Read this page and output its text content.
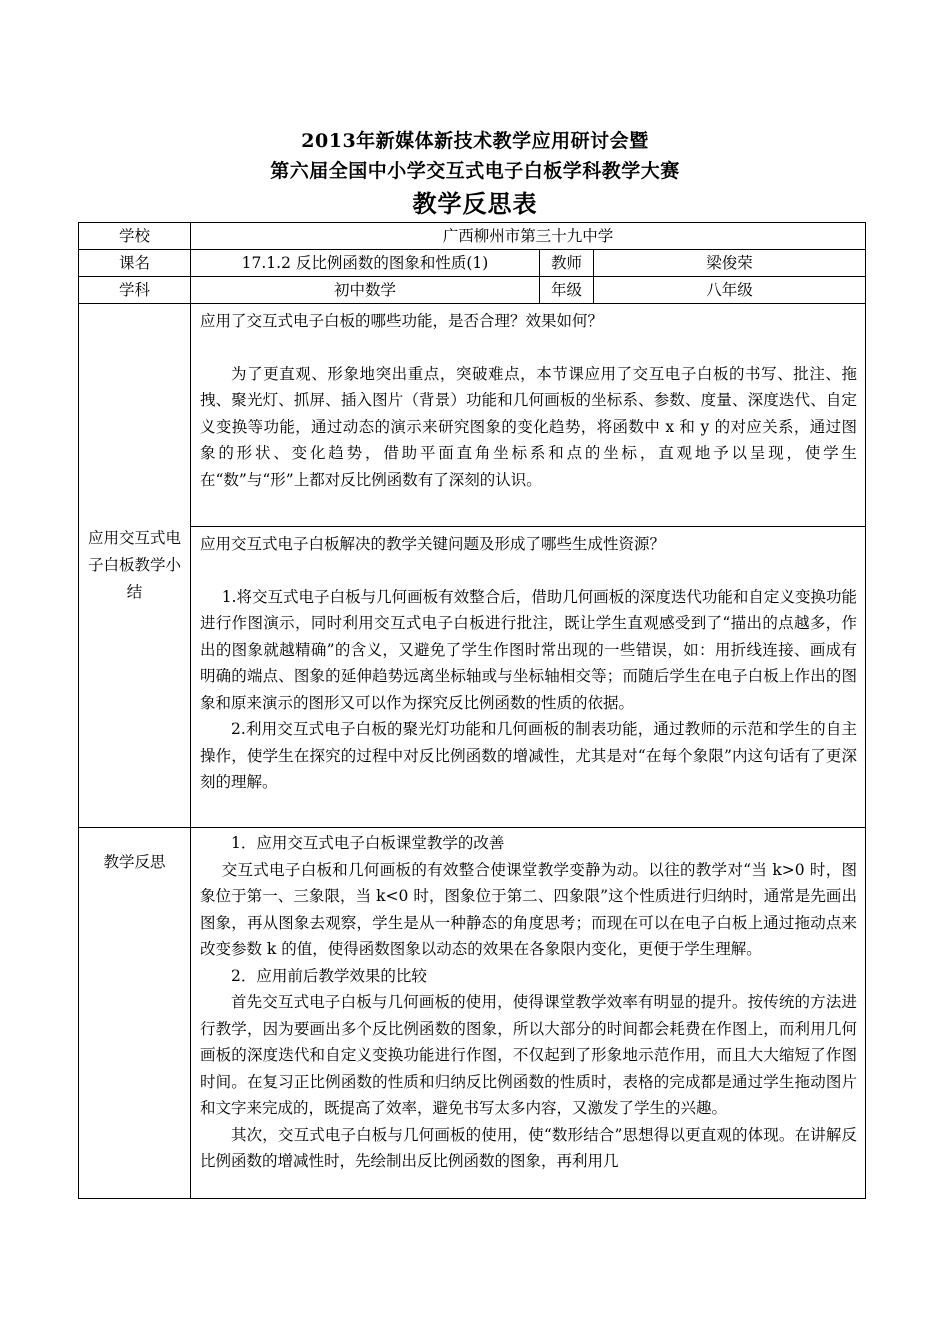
2013年新媒体新技术教学应用研讨会暨
第六届全国中小学交互式电子白板学科教学大赛
教学反思表
学校	广西柳州市第三十九中学		
课名	17.1.2 反比例函数的图象和性质(1)	教师	梁俊荣
学科	初中数学	年级	八年级
应用交互式电子白板教学小结	应用了交互式电子白板的哪些功能，是否合理？效果如何？

为了更直观、形象地突出重点，突破难点，本节课应用了交互电子白板的书写、批注、拖拽、聚光灯、抓屏、插入图片（背景）功能和几何画板的坐标系、参数、度量、深度迭代、自定义变换等功能，通过动态的演示来研究图象的变化趋势，将函数中 x 和 y 的对应关系，通过图象的形状、变化趋势，借助平面直角坐标系和点的坐标，直观地予以呈现，使学生在“数”与“形”上都对反比例函数有了深刻的认识。		

	应用交互式电子白板解决的教学关键问题及形成了哪些生成性资源？

1.将交互式电子白板与几何画板有效整合后，借助几何画板的深度迭代功能和自定义变换功能进行作图演示，同时利用交互式电子白板进行批注，既让学生直观感受到了“描出的点越多，作出的图象就越精确”的含义，又避免了学生作图时常出现的一些错误，如：用折线连接、画成有明确的端点、图象的延伸趋势远离坐标轴或与坐标轴相交等；而随后学生在电子白板上作出的图象和原来演示的图形又可以作为探究反比例函数的性质的依据。

2.利用交互式电子白板的聚光灯功能和几何画板的制表功能，通过教师的示范和学生的自主操作，使学生在探究的过程中对反比例函数的增减性，尤其是对“在每个象限”内这句话有了更深刻的理解。		

教学反思	1．应用交互式电子白板课堂教学的改善

交互式电子白板和几何画板的有效整合使课堂教学变静为动。以往的教学对“当 k>0 时，图象位于第一、三象限，当 k<0 时，图象位于第二、四象限”这个性质进行归纳时，通常是先画出图象，再从图象去观察，学生是从一种静态的角度思考；而现在可以在电子白板上通过拖动点来改变参数 k 的值，使得函数图象以动态的效果在各象限内变化，更便于学生理解。

2．应用前后教学效果的比较

首先交互式电子白板与几何画板的使用，使得课堂教学效率有明显的提升。按传统的方法进行教学，因为要画出多个反比例函数的图象，所以大部分的时间都会耗费在作图上，而利用几何画板的深度迭代和自定义变换功能进行作图，不仅起到了形象地示范作用，而且大大缩短了作图时间。在复习正比例函数的性质和归纳反比例函数的性质时，表格的完成都是通过学生拖动图片和文字来完成的，既提高了效率，避免书写太多内容，又激发了学生的兴趣。

其次，交互式电子白板与几何画板的使用，使“数形结合”思想得以更直观的体现。在讲解反比例函数的增减性时，先绘制出反比例函数的图象，再利用几		
